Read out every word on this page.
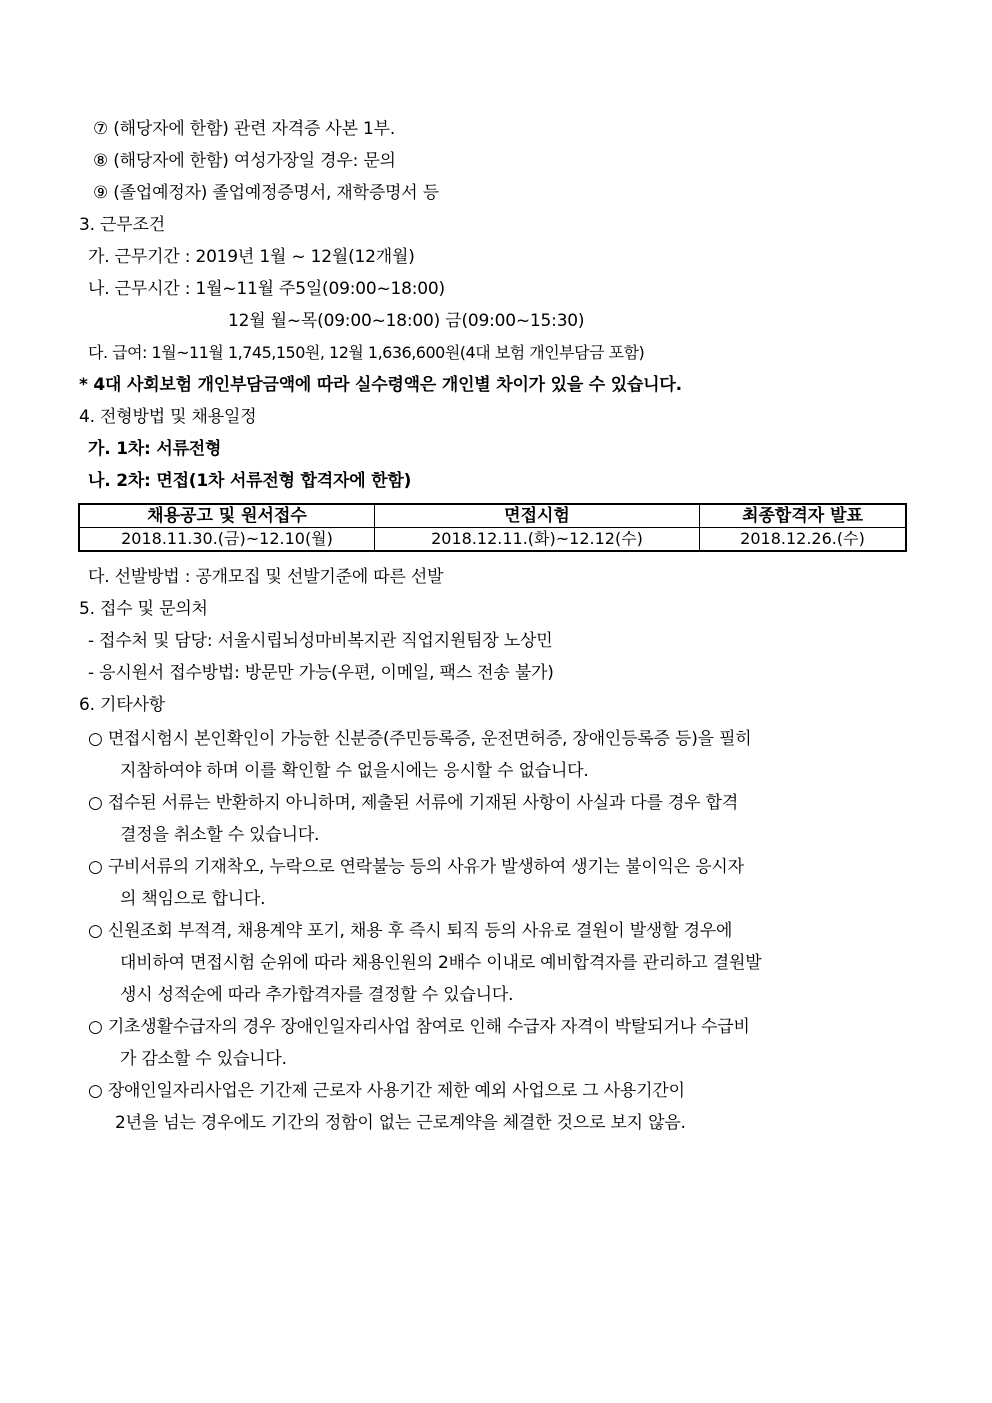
⑦ (해당자에 한함) 관련 자격증 사본 1부.
⑧ (해당자에 한함) 여성가장일 경우: 문의
⑨ (졸업예정자) 졸업예정증명서, 재학증명서 등
3. 근무조건
가. 근무기간 : 2019년 1월 ~ 12월(12개월)
나. 근무시간 : 1월~11월 주5일(09:00~18:00)
12월 월~목(09:00~18:00) 금(09:00~15:30)
다. 급여: 1월~11월 1,745,150원, 12월 1,636,600원(4대 보험 개인부담금 포함)
* 4대 사회보험 개인부담금액에 따라 실수령액은 개인별 차이가 있을 수 있습니다.
4. 전형방법 및 채용일정
가. 1차: 서류전형
나. 2차: 면접(1차 서류전형 합격자에 한함)
채용공고 및 원서접수	면접시험	최종합격자 발표
2018.11.30.(금)~12.10(월)	2018.12.11.(화)~12.12(수)	2018.12.26.(수)
다. 선발방법 : 공개모집 및 선발기준에 따른 선발
5. 접수 및 문의처
- 접수처 및 담당: 서울시립뇌성마비복지관 직업지원팀장 노상민
- 응시원서 접수방법: 방문만 가능(우편, 이메일, 팩스 전송 불가)
6. 기타사항
○ 면접시험시 본인확인이 가능한 신분증(주민등록증, 운전면허증, 장애인등록증 등)을 필히
지참하여야 하며 이를 확인할 수 없을시에는 응시할 수 없습니다.
○ 접수된 서류는 반환하지 아니하며, 제출된 서류에 기재된 사항이 사실과 다를 경우 합격
결정을 취소할 수 있습니다.
○ 구비서류의 기재착오, 누락으로 연락불능 등의 사유가 발생하여 생기는 불이익은 응시자
의 책임으로 합니다.
○ 신원조회 부적격, 채용계약 포기, 채용 후 즉시 퇴직 등의 사유로 결원이 발생할 경우에
대비하여 면접시험 순위에 따라 채용인원의 2배수 이내로 예비합격자를 관리하고 결원발
생시 성적순에 따라 추가합격자를 결정할 수 있습니다.
○ 기초생활수급자의 경우 장애인일자리사업 참여로 인해 수급자 자격이 박탈되거나 수급비
가 감소할 수 있습니다.
○ 장애인일자리사업은 기간제 근로자 사용기간 제한 예외 사업으로 그 사용기간이
2년을 넘는 경우에도 기간의 정함이 없는 근로계약을 체결한 것으로 보지 않음.
